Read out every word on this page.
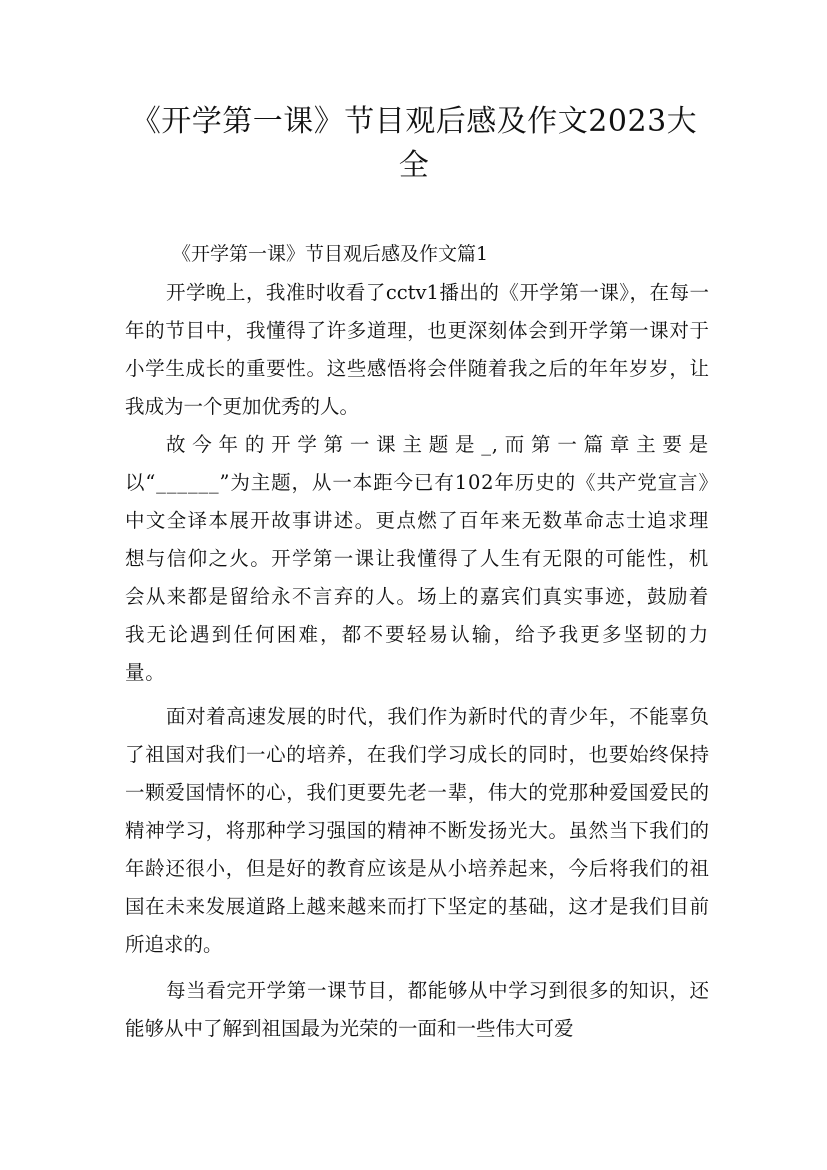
《开学第一课》节目观后感及作文2023大全

《开学第一课》节目观后感及作文篇1

开学晚上，我准时收看了cctv1播出的《开学第一课》，在每一年的节目中，我懂得了许多道理，也更深刻体会到开学第一课对于小学生成长的重要性。这些感悟将会伴随着我之后的年年岁岁，让我成为一个更加优秀的人。

故今年的开学第一课主题是_,而第一篇章主要是以“______”为主题，从一本距今已有102年历史的《共产党宣言》中文全译本展开故事讲述。更点燃了百年来无数革命志士追求理想与信仰之火。开学第一课让我懂得了人生有无限的可能性，机会从来都是留给永不言弃的人。场上的嘉宾们真实事迹，鼓励着我无论遇到任何困难，都不要轻易认输，给予我更多坚韧的力量。

面对着高速发展的时代，我们作为新时代的青少年，不能辜负了祖国对我们一心的培养，在我们学习成长的同时，也要始终保持一颗爱国情怀的心，我们更要先老一辈，伟大的党那种爱国爱民的精神学习，将那种学习强国的精神不断发扬光大。虽然当下我们的年龄还很小，但是好的教育应该是从小培养起来，今后将我们的祖国在未来发展道路上越来越来而打下坚定的基础，这才是我们目前所追求的。

每当看完开学第一课节目，都能够从中学习到很多的知识，还能够从中了解到祖国最为光荣的一面和一些伟大可爱
